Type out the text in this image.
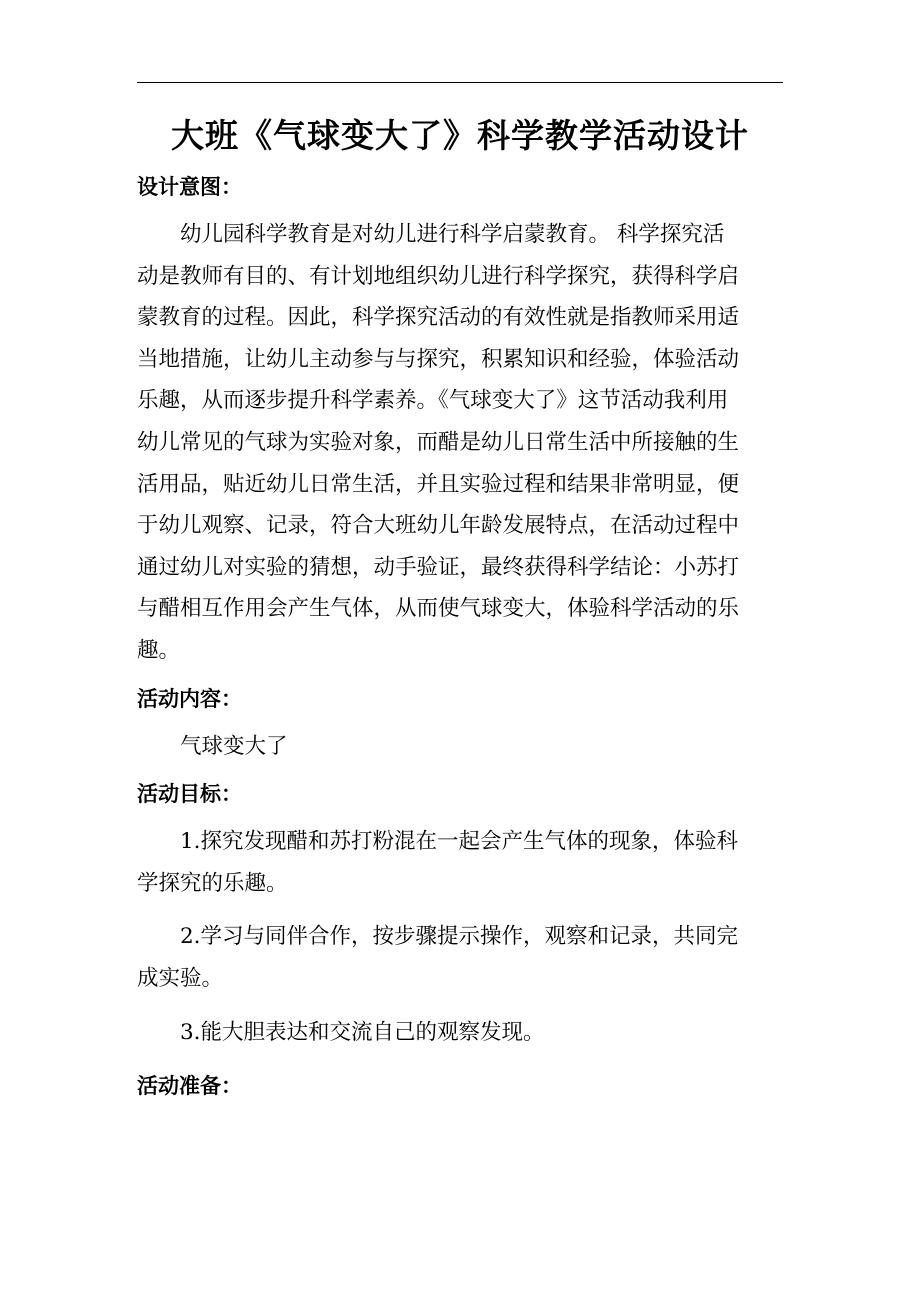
大班《气球变大了》科学教学活动设计
设计意图：
幼儿园科学教育是对幼儿进行科学启蒙教育。 科学探究活
动是教师有目的、有计划地组织幼儿进行科学探究，获得科学启
蒙教育的过程。因此，科学探究活动的有效性就是指教师采用适
当地措施，让幼儿主动参与与探究，积累知识和经验，体验活动
乐趣，从而逐步提升科学素养。《气球变大了》这节活动我利用
幼儿常见的气球为实验对象，而醋是幼儿日常生活中所接触的生
活用品，贴近幼儿日常生活，并且实验过程和结果非常明显，便
于幼儿观察、记录，符合大班幼儿年龄发展特点，在活动过程中
通过幼儿对实验的猜想，动手验证，最终获得科学结论：小苏打
与醋相互作用会产生气体，从而使气球变大，体验科学活动的乐
趣。
活动内容：
气球变大了
活动目标：
1.探究发现醋和苏打粉混在一起会产生气体的现象，体验科
学探究的乐趣。
2.学习与同伴合作，按步骤提示操作，观察和记录，共同完
成实验。
3.能大胆表达和交流自己的观察发现。
活动准备：
